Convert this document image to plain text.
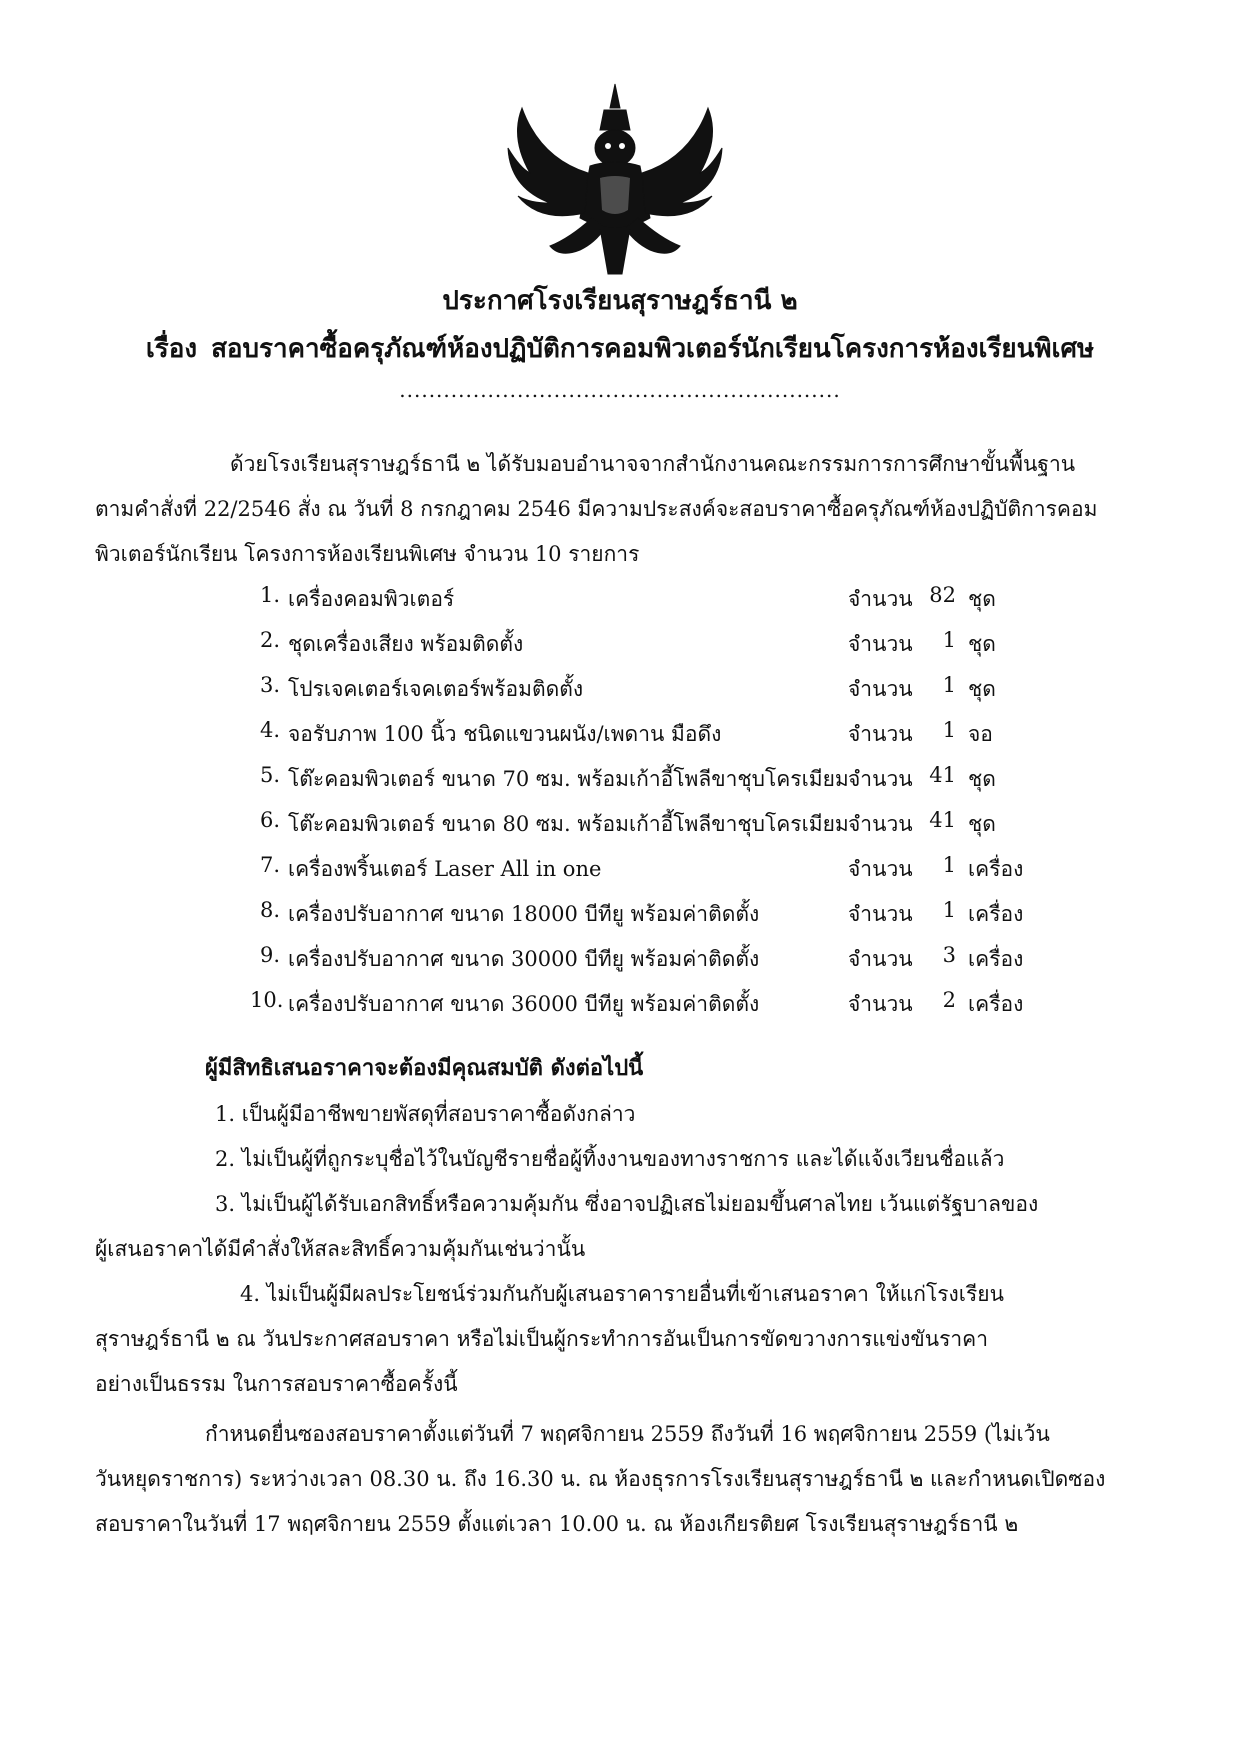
ประกาศโรงเรียนสุราษฎร์ธานี ๒
เรื่อง สอบราคาซื้อครุภัณฑ์ห้องปฏิบัติการคอมพิวเตอร์นักเรียนโครงการห้องเรียนพิเศษ
............................................................
ด้วยโรงเรียนสุราษฎร์ธานี ๒ ได้รับมอบอำนาจจากสำนักงานคณะกรรมการการศึกษาขั้นพื้นฐาน
ตามคำสั่งที่ 22/2546 สั่ง ณ วันที่ 8 กรกฎาคม 2546 มีความประสงค์จะสอบราคาซื้อครุภัณฑ์ห้องปฏิบัติการคอม
พิวเตอร์นักเรียน โครงการห้องเรียนพิเศษ จำนวน 10 รายการ
1. เครื่องคอมพิวเตอร์	จำนวน 82 ชุด
2. ชุดเครื่องเสียง พร้อมติดตั้ง	จำนวน	1 ชุด
3. โปรเจคเตอร์เจคเตอร์พร้อมติดตั้ง	จำนวน	1 ชุด
4. จอรับภาพ 100 นิ้ว ชนิดแขวนผนัง/เพดาน มือดึง	จำนวน	1 จอ
5. โต๊ะคอมพิวเตอร์ ขนาด 70 ซม. พร้อมเก้าอี้โพลีขาชุบโครเมียม จำนวน 41 ชุด
6. โต๊ะคอมพิวเตอร์ ขนาด 80 ซม. พร้อมเก้าอี้โพลีขาชุบโครเมียม จำนวน 41 ชุด
7. เครื่องพริ้นเตอร์ Laser All in one	จำนวน	1 เครื่อง
8. เครื่องปรับอากาศ ขนาด 18000 บีทียู พร้อมค่าติดตั้ง	จำนวน	1 เครื่อง
9. เครื่องปรับอากาศ ขนาด 30000 บีทียู พร้อมค่าติดตั้ง	จำนวน	3 เครื่อง
10. เครื่องปรับอากาศ ขนาด 36000 บีทียู พร้อมค่าติดตั้ง	จำนวน	2 เครื่อง
ผู้มีสิทธิเสนอราคาจะต้องมีคุณสมบัติ ดังต่อไปนี้
1. เป็นผู้มีอาชีพขายพัสดุที่สอบราคาซื้อดังกล่าว
2. ไม่เป็นผู้ที่ถูกระบุชื่อไว้ในบัญชีรายชื่อผู้ทิ้งงานของทางราชการ และได้แจ้งเวียนชื่อแล้ว
3. ไม่เป็นผู้ได้รับเอกสิทธิ์หรือความคุ้มกัน ซึ่งอาจปฏิเสธไม่ยอมขึ้นศาลไทย เว้นแต่รัฐบาลของ
ผู้เสนอราคาได้มีคำสั่งให้สละสิทธิ์ความคุ้มกันเช่นว่านั้น
4. ไม่เป็นผู้มีผลประโยชน์ร่วมกันกับผู้เสนอราคารายอื่นที่เข้าเสนอราคา ให้แก่โรงเรียน
สุราษฎร์ธานี ๒ ณ วันประกาศสอบราคา หรือไม่เป็นผู้กระทำการอันเป็นการขัดขวางการแข่งขันราคา
อย่างเป็นธรรม ในการสอบราคาซื้อครั้งนี้
กำหนดยื่นซองสอบราคาตั้งแต่วันที่ 7 พฤศจิกายน 2559 ถึงวันที่ 16 พฤศจิกายน 2559 (ไม่เว้น
วันหยุดราชการ) ระหว่างเวลา 08.30 น. ถึง 16.30 น. ณ ห้องธุรการโรงเรียนสุราษฎร์ธานี ๒ และกำหนดเปิดซอง
สอบราคาในวันที่ 17 พฤศจิกายน 2559 ตั้งแต่เวลา 10.00 น. ณ ห้องเกียรติยศ โรงเรียนสุราษฎร์ธานี ๒
